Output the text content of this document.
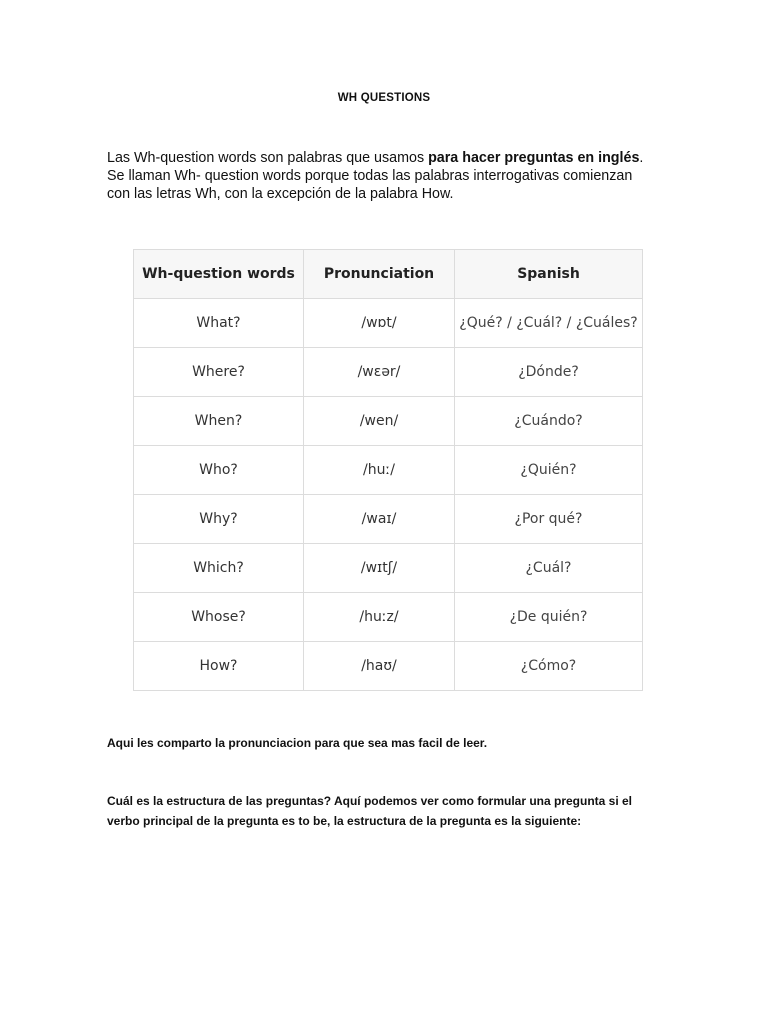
WH QUESTIONS

Las Wh-question words son palabras que usamos para hacer preguntas en inglés. Se llaman Wh- question words porque todas las palabras interrogativas comienzan con las letras Wh, con la excepción de la palabra How.

Wh-question words	Pronunciation	Spanish
What?	/wɒt/	¿Qué? / ¿Cuál? / ¿Cuáles?
Where?	/wɛər/	¿Dónde?
When?	/wen/	¿Cuándo?
Who?	/huː/	¿Quién?
Why?	/waɪ/	¿Por qué?
Which?	/wɪtʃ/	¿Cuál?
Whose?	/huːz/	¿De quién?
How?	/haʊ/	¿Cómo?
Aqui les comparto la pronunciacion para que sea mas facil de leer.
Cuál es la estructura de las preguntas? Aquí podemos ver como formular una pregunta si el verbo principal de la pregunta es to be, la estructura de la pregunta es la siguiente:
